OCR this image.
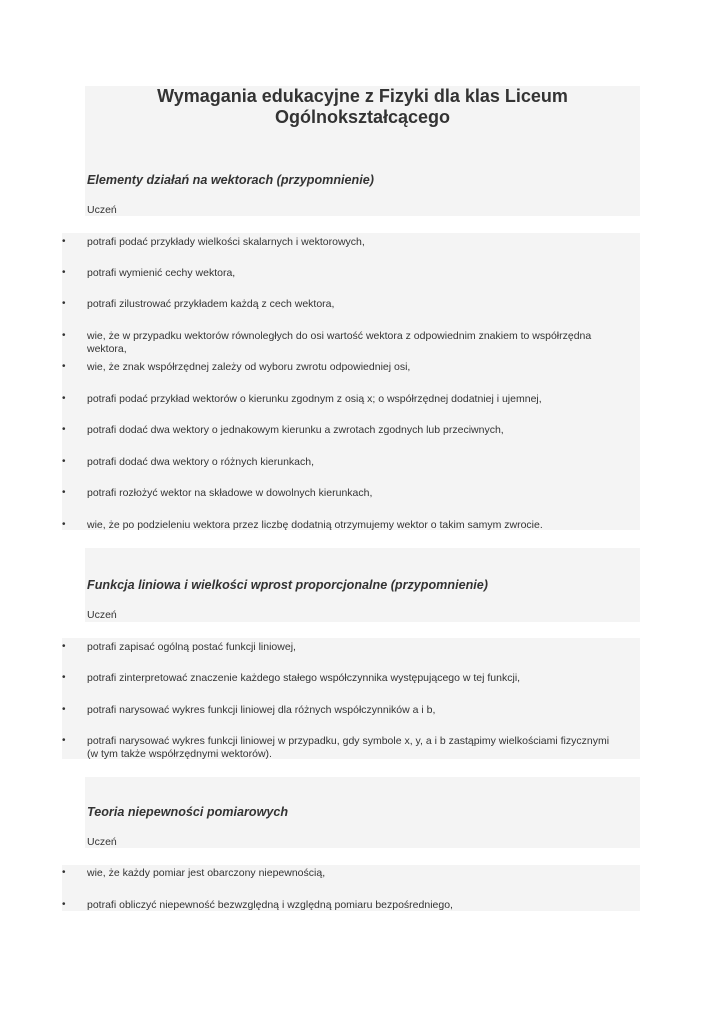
Wymagania edukacyjne z Fizyki dla klas Liceum Ogólnokształcącego
Elementy działań na wektorach (przypomnienie)
Uczeń
• potrafi podać przykłady wielkości skalarnych i wektorowych,
• potrafi wymienić cechy wektora,
• potrafi zilustrować przykładem każdą z cech wektora,
• wie, że w przypadku wektorów równoległych do osi wartość wektora z odpowiednim znakiem to współrzędna wektora,
• wie, że znak współrzędnej zależy od wyboru zwrotu odpowiedniej osi,
• potrafi podać przykład wektorów o kierunku zgodnym z osią x; o współrzędnej dodatniej i ujemnej,
• potrafi dodać dwa wektory o jednakowym kierunku a zwrotach zgodnych lub przeciwnych,
• potrafi dodać dwa wektory o różnych kierunkach,
• potrafi rozłożyć wektor na składowe w dowolnych kierunkach,
• wie, że po podzieleniu wektora przez liczbę dodatnią otrzymujemy wektor o takim samym zwrocie.
Funkcja liniowa i wielkości wprost proporcjonalne (przypomnienie)
Uczeń
• potrafi zapisać ogólną postać funkcji liniowej,
• potrafi zinterpretować znaczenie każdego stałego współczynnika występującego w tej funkcji,
• potrafi narysować wykres funkcji liniowej dla różnych współczynników a i b,
• potrafi narysować wykres funkcji liniowej w przypadku, gdy symbole x, y, a i b zastąpimy wielkościami fizycznymi (w tym także współrzędnymi wektorów).
Teoria niepewności pomiarowych
Uczeń
• wie, że każdy pomiar jest obarczony niepewnością,
• potrafi obliczyć niepewność bezwzględną i względną pomiaru bezpośredniego,
